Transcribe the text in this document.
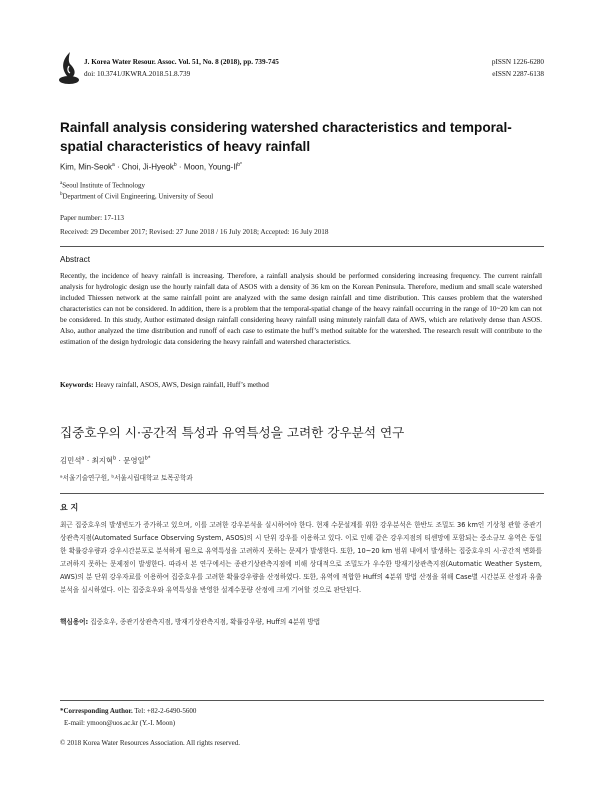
J. Korea Water Resour. Assoc. Vol. 51, No. 8 (2018), pp. 739-745
doi: 10.3741/JKWRA.2018.51.8.739
pISSN 1226-6280
eISSN 2287-6138
Rainfall analysis considering watershed characteristics and temporal-spatial characteristics of heavy rainfall
Kim, Min-Seok$^a$ · Choi, Ji-Hyeok$^b$ · Moon, Young-$Il^{b*}$
$^a$Seoul Institute of Technology
$^b$Department of Civil Engineering, University of Seoul
Paper number: 17-113
Received: 29 December 2017; Revised: 27 June 2018 / 16 July 2018; Accepted: 16 July 2018
Abstract
Recently, the incidence of heavy rainfall is increasing. Therefore, a rainfall analysis should be performed considering increasing frequency. The current rainfall analysis for hydrologic design use the hourly rainfall data of ASOS with a density of 36 km on the Korean Peninsula. Therefore, medium and small scale watershed included Thiessen network at the same rainfall point are analyzed with the same design rainfall and time distribution. This causes problem that the watershed characteristics can not be considered. In addition, there is a problem that the temporal-spatial change of the heavy rainfall occurring in the range of 10~20 km can not be considered. In this study, Author estimated design rainfall considering heavy rainfall using minutely rainfall data of AWS, which are relatively dense than ASOS. Also, author analyzed the time distribution and runoff of each case to estimate the huff’s method suitable for the watershed. The research result will contribute to the estimation of the design hydrologic data considering the heavy rainfall and watershed characteristics.
Keywords: Heavy rainfall, ASOS, AWS, Design rainfall, Huff’s method
집중호우의 시·공간적 특성과 유역특성을 고려한 강우분석 연구
김민석$^a$ · 최지혁$^b$ · 문영일$^{b*}$
ᵃ서울기술연구원, ᵇ서울시립대학교 토목공학과
요 지
최근 집중호우의 발생빈도가 증가하고 있으며, 이를 고려한 강우분석을 실시하여야 한다. 현재 수문설계를 위한 강우분석은 한반도 조밀도 36 km인 기상청 관할 종관기상관측지점(Automated Surface Observing System, ASOS)의 시 단위 강우를 이용하고 있다. 이로 인해 같은 강우지점의 티센망에 포함되는 중소규모 유역은 동일한 확률강우량과 강우시간분포로 분석하게 됨으로 유역특성을 고려하지 못하는 문제가 발생한다. 또한, 10~20 km 범위 내에서 발생하는 집중호우의 시·공간적 변화를 고려하지 못하는 문제점이 발생한다. 따라서 본 연구에서는 종관기상관측지점에 비해 상대적으로 조밀도가 우수한 방재기상관측지점(Automatic Weather System, AWS)의 분 단위 강우자료를 이용하여 집중호우를 고려한 확률강우량을 산정하였다. 또한, 유역에 적합한 Huff의 4분위 방법 산정을 위해 Case별 시간분포 산정과 유출분석을 실시하였다. 이는 집중호우와 유역특성을 반영한 설계수문량 산정에 크게 기여할 것으로 판단된다.
핵심용어: 집중호우, 종관기상관측지점, 방재기상관측지점, 확률강우량, Huff의 4분위 방법
*Corresponding Author. Tel: +82-2-6490-5600
E-mail: ymoon@uos.ac.kr (Y.-I. Moon)
© 2018 Korea Water Resources Association. All rights reserved.
